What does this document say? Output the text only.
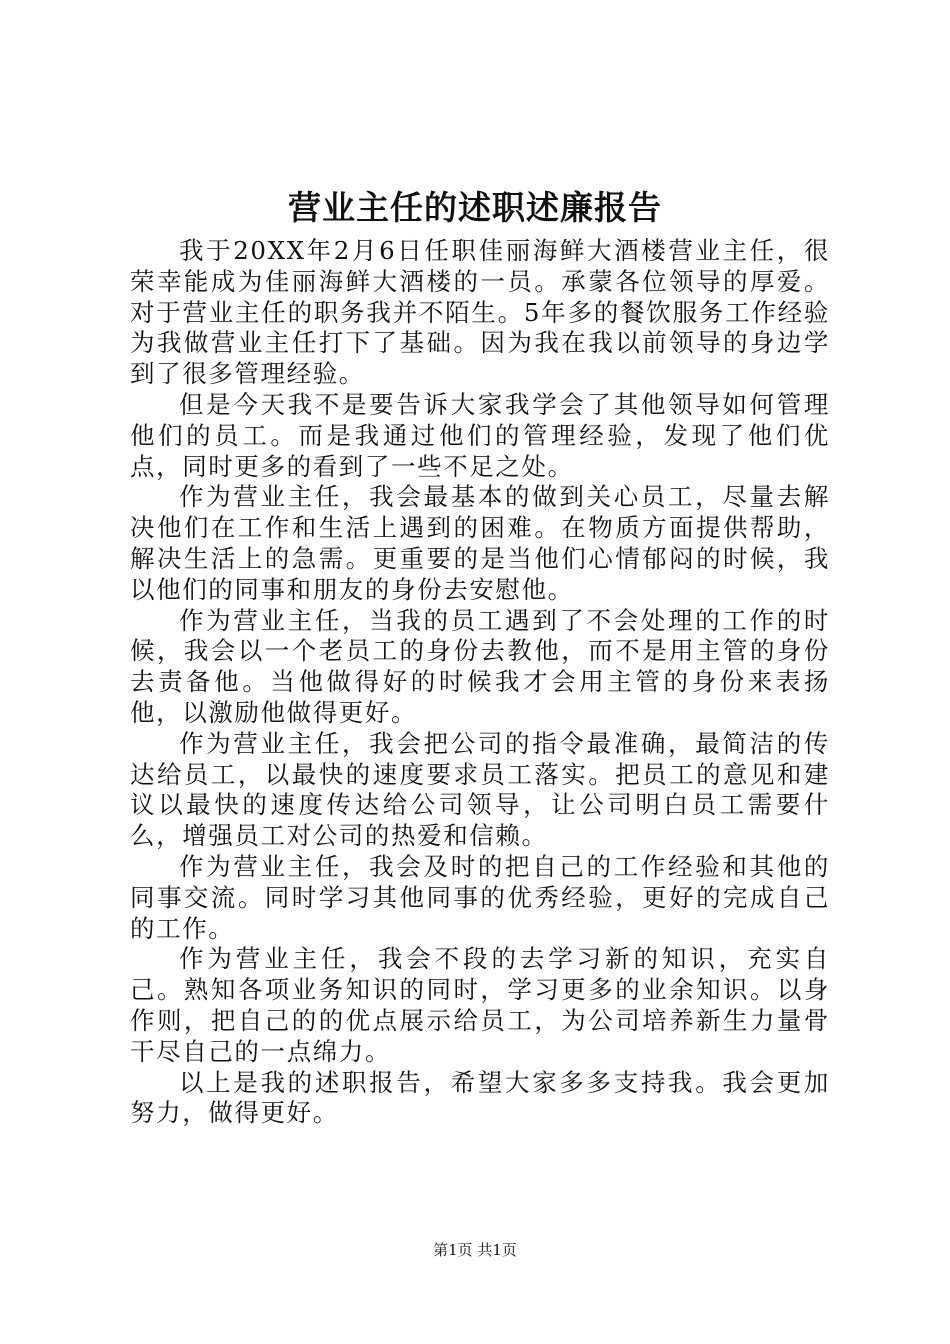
营业主任的述职述廉报告

我于20XX年2月6日任职佳丽海鲜大酒楼营业主任，很荣幸能成为佳丽海鲜大酒楼的一员。承蒙各位领导的厚爱。对于营业主任的职务我并不陌生。5年多的餐饮服务工作经验为我做营业主任打下了基础。因为我在我以前领导的身边学到了很多管理经验。

但是今天我不是要告诉大家我学会了其他领导如何管理他们的员工。而是我通过他们的管理经验，发现了他们优点，同时更多的看到了一些不足之处。

作为营业主任，我会最基本的做到关心员工，尽量去解决他们在工作和生活上遇到的困难。在物质方面提供帮助，解决生活上的急需。更重要的是当他们心情郁闷的时候，我以他们的同事和朋友的身份去安慰他。

作为营业主任，当我的员工遇到了不会处理的工作的时候，我会以一个老员工的身份去教他，而不是用主管的身份去责备他。当他做得好的时候我才会用主管的身份来表扬他，以激励他做得更好。

作为营业主任，我会把公司的指令最准确，最简洁的传达给员工，以最快的速度要求员工落实。把员工的意见和建议以最快的速度传达给公司领导，让公司明白员工需要什么，增强员工对公司的热爱和信赖。

作为营业主任，我会及时的把自己的工作经验和其他的同事交流。同时学习其他同事的优秀经验，更好的完成自己的工作。

作为营业主任，我会不段的去学习新的知识，充实自己。熟知各项业务知识的同时，学习更多的业余知识。以身作则，把自己的的优点展示给员工，为公司培养新生力量骨干尽自己的一点绵力。

以上是我的述职报告，希望大家多多支持我。我会更加努力，做得更好。

第1页 共1页
